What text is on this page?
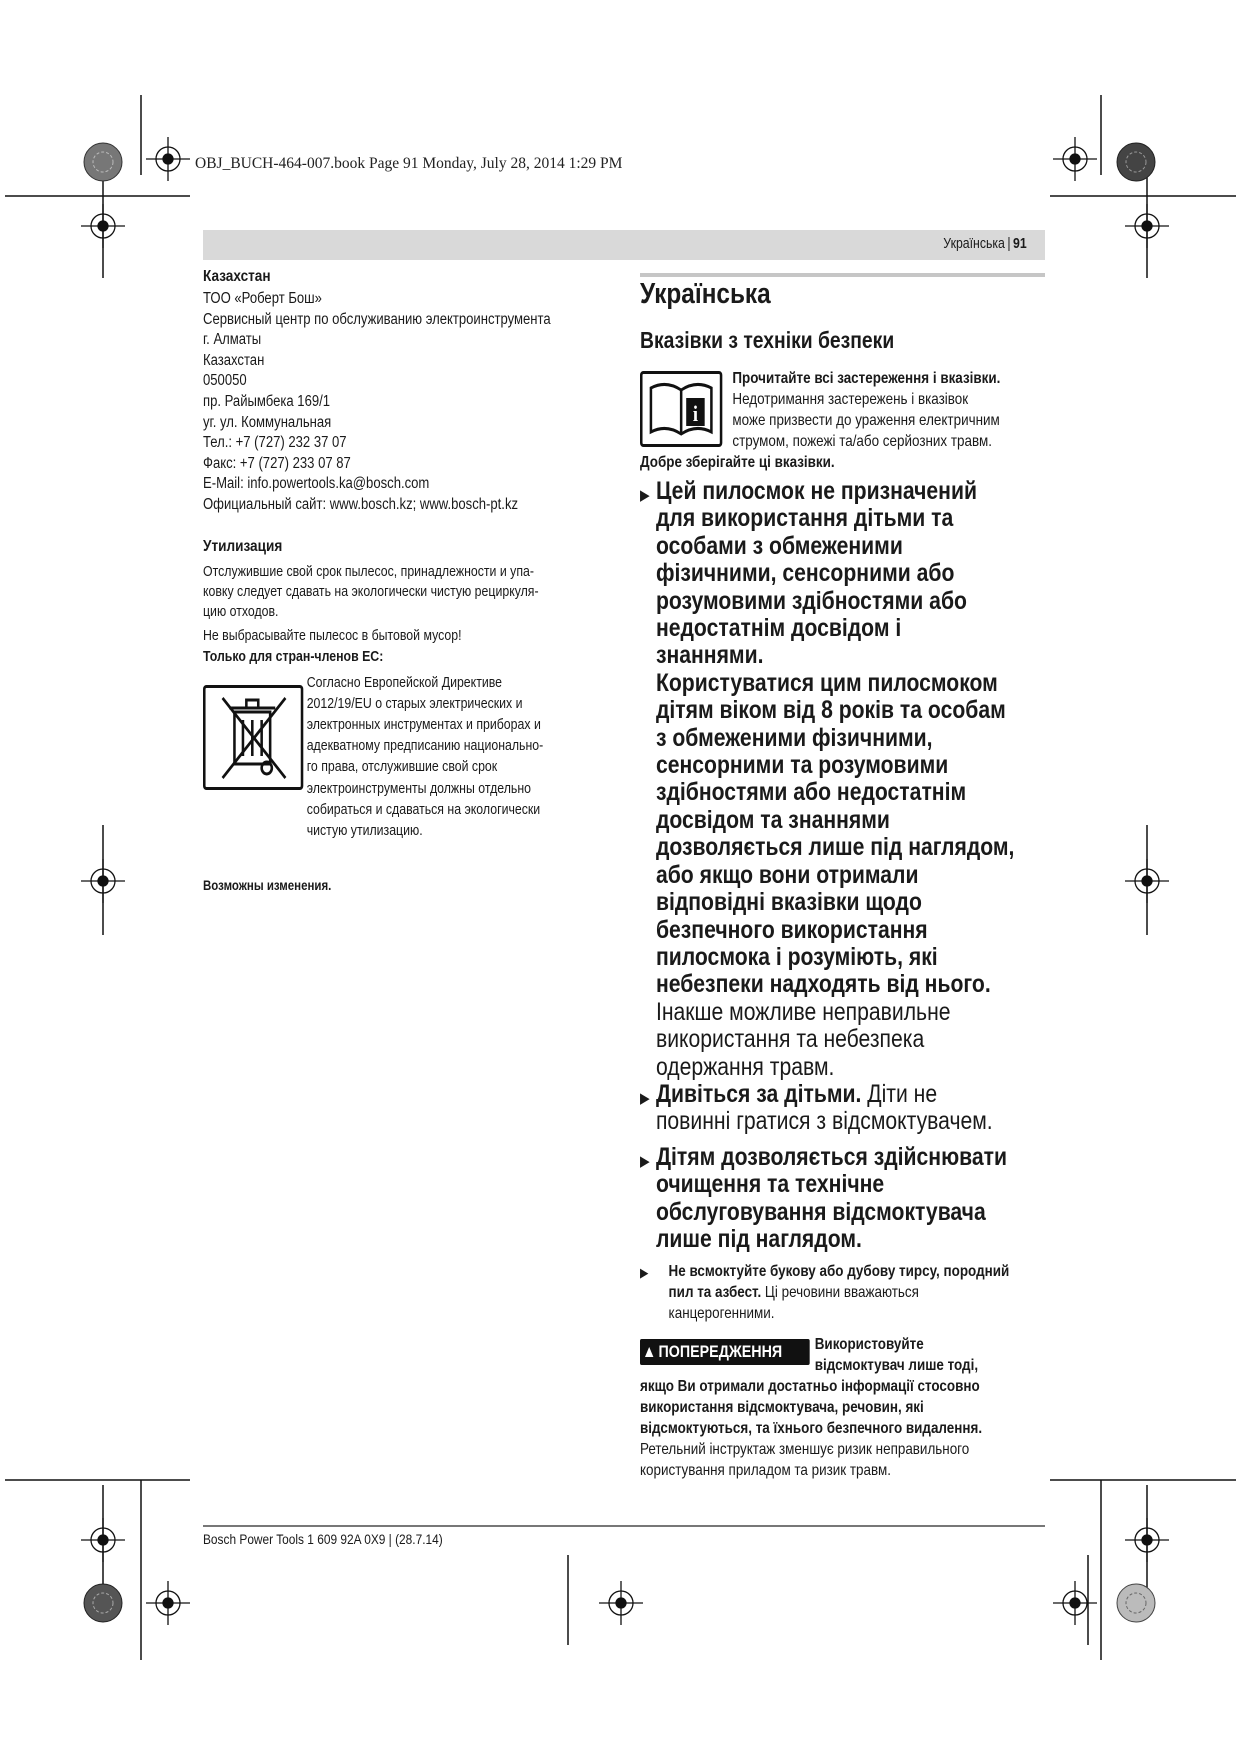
OBJ_BUCH-464-007.book Page 91 Monday, July 28, 2014 1:29 PM
Українська | 91

Казахстан

ТОО «Роберт Бош»
Сервисный центр по обслуживанию электроинструмента
г. Алматы
Казахстан
050050
пр. Райымбека 169/1
уг. ул. Коммунальная
Тел.: +7 (727) 232 37 07
Факс: +7 (727) 233 07 87
E-Mail: info.powertools.ka@bosch.com
Официальный сайт: www.bosch.kz; www.bosch-pt.kz

Утилизация

Отслужившие свой срок пылесос, принадлежности и упа-
ковку следует сдавать на экологически чистую рециркуля-
цию отходов.
Не выбрасывайте пылесос в бытовой мусор!
Только для стран-членов ЕС:
Согласно Европейской Директиве
2012/19/EU о старых электрических и
электронных инструментах и приборах и
адекватному предписанию национально-
го права, отслужившие свой срок
электроинструменты должны отдельно
собираться и сдаваться на экологически
чистую утилизацию.
Возможны изменения.
Українська
Вказівки з техніки безпеки
i
Прочитайте всі застереження і вказівки.
Недотримання застережень і вказівок
може призвести до ураження електричним
струмом, пожежі та/або серйозних травм.
Добре зберігайте ці вказівки.
▶ Цей пилосмок не призначений
для використання дітьми та
особами з обмеженими
фізичними, сенсорними або
розумовими здібностями або
недостатнім досвідом і
знаннями.
Користуватися цим пилосмоком
дітям віком від 8 років та особам
з обмеженими фізичними,
сенсорними та розумовими
здібностями або недостатнім
досвідом та знаннями
дозволяється лише під наглядом,
або якщо вони отримали
відповідні вказівки щодо
безпечного використання
пилосмока і розуміють, які
небезпеки надходять від нього.
Інакше можливе неправильне
використання та небезпека
одержання травм.
▶ Дивіться за дітьми. Діти не
повинні гратися з відсмоктувачем.
▶ Дітям дозволяється здійснювати
очищення та технічне
обслуговування відсмоктувача
лише під наглядом.
▶ Не всмоктуйте букову або дубову тирсу, породний
пил та азбест. Ці речовини вважаються
канцерогенними.
▲ ПОПЕРЕДЖЕННЯ	Використовуйте
відсмоктувач лише тоді,
якщо Ви отримали достатньо інформації стосовно
використання відсмоктувача, речовин, які
відсмоктуються, та їхнього безпечного видалення.
Ретельний інструктаж зменшує ризик неправильного
користування приладом та ризик травм.
Bosch Power Tools 1 609 92A 0X9 | (28.7.14)
